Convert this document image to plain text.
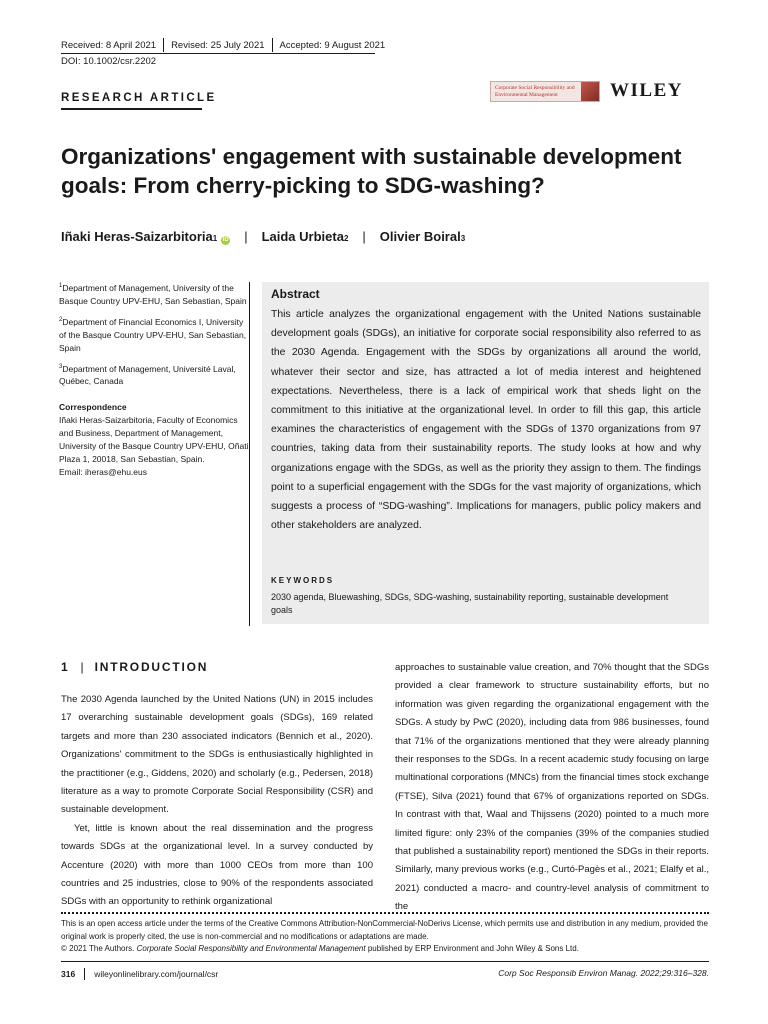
Received: 8 April 2021 Revised: 25 July 2021 Accepted: 9 August 2021
DOI: 10.1002/csr.2202
RESEARCH ARTICLE
Corporate Social Responsibility and Environmental Management	WILEY
Organizations' engagement with sustainable development goals: From cherry-picking to SDG-washing?
Iñaki Heras-Saizarbitoria 1 iD | Laida Urbieta 2 | Olivier Boiral 3
$^1$Department of Management, University of the Basque Country UPV-EHU, San Sebastian, Spain
$^2$Department of Financial Economics I, University of the Basque Country UPV-EHU, San Sebastian, Spain
$^3$Department of Management, Université Laval, Québec, Canada
Correspondence
Iñaki Heras-Saizarbitoria, Faculty of Economics and Business, Department of Management, University of the Basque Country UPV-EHU, Oñati Plaza 1, 20018, San Sebastian, Spain.
Email: iheras@ehu.eus
Abstract

This article analyzes the organizational engagement with the United Nations sustainable development goals (SDGs), an initiative for corporate social responsibility also referred to as the 2030 Agenda. Engagement with the SDGs by organizations all around the world, whatever their sector and size, has attracted a lot of media interest and heightened expectations. Nevertheless, there is a lack of empirical work that sheds light on the commitment to this initiative at the organizational level. In order to fill this gap, this article examines the characteristics of engagement with the SDGs of 1370 organizations from 97 countries, taking data from their sustainability reports. The study looks at how and why organizations engage with the SDGs, as well as the priority they assign to them. The findings point to a superficial engagement with the SDGs for the vast majority of organizations, which suggests a process of “SDG-washing”. Implications for managers, public policy makers and other stakeholders are analyzed.

KEYWORDS
2030 agenda, Bluewashing, SDGs, SDG-washing, sustainability reporting, sustainable development goals
1 | INTRODUCTION

The 2030 Agenda launched by the United Nations (UN) in 2015 includes 17 overarching sustainable development goals (SDGs), 169 related targets and more than 230 associated indicators (Bennich et al., 2020). Organizations' commitment to the SDGs is enthusiastically highlighted in the practitioner (e.g., Giddens, 2020) and scholarly (e.g., Pedersen, 2018) literature as a way to promote Corporate Social Responsibility (CSR) and sustainable development.

Yet, little is known about the real dissemination and the progress towards SDGs at the organizational level. In a survey conducted by Accenture (2020) with more than 1000 CEOs from more than 100 countries and 25 industries, close to 90% of the respondents associated SDGs with an opportunity to rethink organizational

approaches to sustainable value creation, and 70% thought that the SDGs provided a clear framework to structure sustainability efforts, but no information was given regarding the organizational engagement with the SDGs. A study by PwC (2020), including data from 986 businesses, found that 71% of the organizations mentioned that they were already planning their responses to the SDGs. In a recent academic study focusing on large multinational corporations (MNCs) from the financial times stock exchange (FTSE), Silva (2021) found that 67% of organizations reported on SDGs. In contrast with that, Waal and Thijssens (2020) pointed to a much more limited figure: only 23% of the companies (39% of the companies studied that published a sustainability report) mentioned the SDGs in their reports. Similarly, many previous works (e.g., Curtó-Pagès et al., 2021; Elalfy et al., 2021) conducted a macro- and country-level analysis of commitment to the

This is an open access article under the terms of the Creative Commons Attribution-NonCommercial-NoDerivs License, which permits use and distribution in any medium, provided the original work is properly cited, the use is non-commercial and no modifications or adaptations are made.

© 2021 The Authors. Corporate Social Responsibility and Environmental Management published by ERP Environment and John Wiley & Sons Ltd.

316 wileyonlinelibrary.com/journal/csr	Corp Soc Responsib Environ Manag. 2022;29:316–328.
